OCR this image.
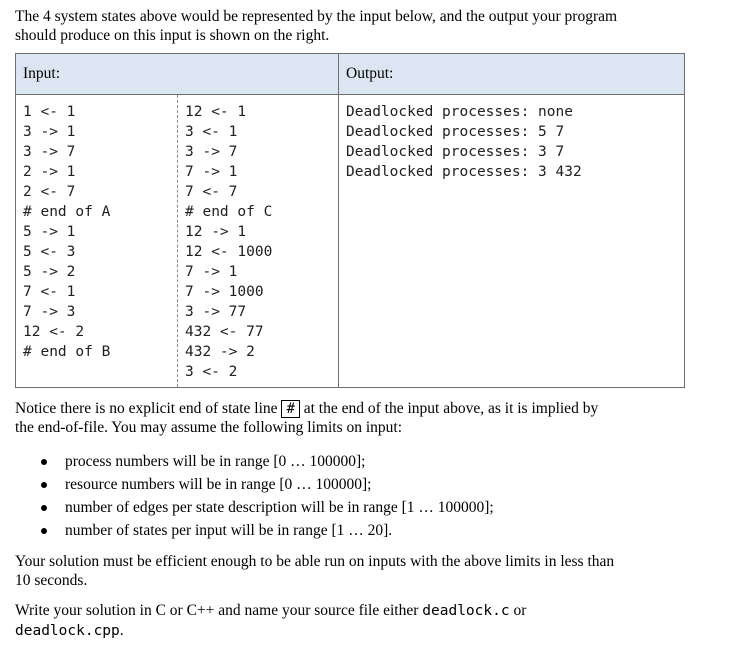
The 4 system states above would be represented by the input below, and the output your program
should produce on this input is shown on the right.

Input:	Output:
1 <- 1
3 -> 1
3 -> 7
2 -> 1
2 <- 7
# end of A
5 -> 1
5 <- 3
5 -> 2
7 <- 1
7 -> 3
12 <- 2
# end of B
12 <- 1
3 <- 1
3 -> 7
7 -> 1
7 <- 7
# end of C
12 -> 1
12 <- 1000
7 -> 1
7 -> 1000
3 -> 77
432 <- 77
432 -> 2
3 <- 2
Deadlocked processes: none
Deadlocked processes: 5 7
Deadlocked processes: 3 7
Deadlocked processes: 3 432

Notice there is no explicit end of state line # at the end of the input above, as it is implied by
the end-of-file. You may assume the following limits on input:

process numbers will be in range [0 … 100000];
resource numbers will be in range [0 … 100000];
number of edges per state description will be in range [1 … 100000];
number of states per input will be in range [1 … 20].

Your solution must be efficient enough to be able run on inputs with the above limits in less than
10 seconds.

Write your solution in C or C++ and name your source file either deadlock.c or
deadlock.cpp.
